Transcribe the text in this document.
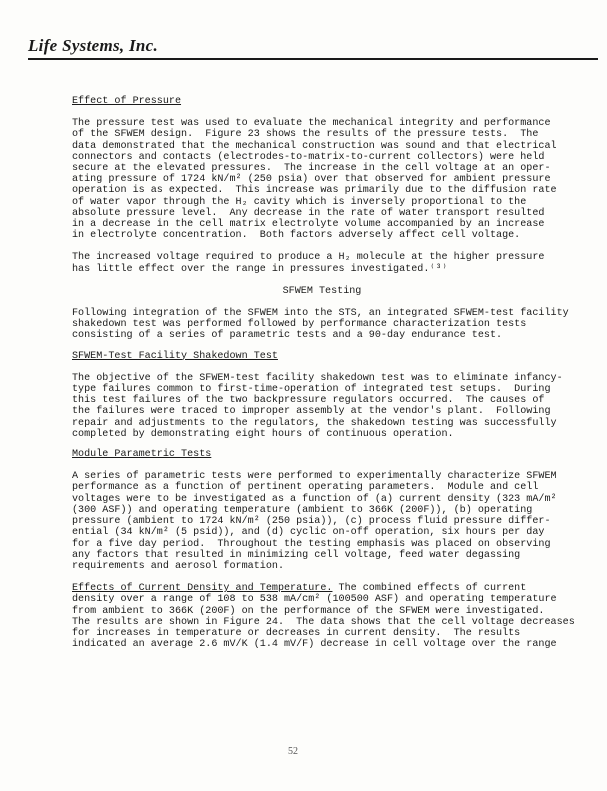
Life Systems, Inc.

Effect of Pressure

The pressure test was used to evaluate the mechanical integrity and performance
of the SFWEM design.  Figure 23 shows the results of the pressure tests.  The
data demonstrated that the mechanical construction was sound and that electrical
connectors and contacts (electrodes-to-matrix-to-current collectors) were held
secure at the elevated pressures.  The increase in the cell voltage at an oper-
ating pressure of 1724 kN/m² (250 psia) over that observed for ambient pressure
operation is as expected.  This increase was primarily due to the diffusion rate
of water vapor through the H₂ cavity which is inversely proportional to the
absolute pressure level.  Any decrease in the rate of water transport resulted
in a decrease in the cell matrix electrolyte volume accompanied by an increase
in electrolyte concentration.  Both factors adversely affect cell voltage.
The increased voltage required to produce a H₂ molecule at the higher pressure
has little effect over the range in pressures investigated.⁽³⁾

SFWEM Testing

Following integration of the SFWEM into the STS, an integrated SFWEM-test facility
shakedown test was performed followed by performance characterization tests
consisting of a series of parametric tests and a 90-day endurance test.

SFWEM-Test Facility Shakedown Test

The objective of the SFWEM-test facility shakedown test was to eliminate infancy-
type failures common to first-time-operation of integrated test setups.  During
this test failures of the two backpressure regulators occurred.  The causes of
the failures were traced to improper assembly at the vendor's plant.  Following
repair and adjustments to the regulators, the shakedown testing was successfully
completed by demonstrating eight hours of continuous operation.

Module Parametric Tests

A series of parametric tests were performed to experimentally characterize SFWEM
performance as a function of pertinent operating parameters.  Module and cell
voltages were to be investigated as a function of (a) current density (323 mA/m²
(300 ASF)) and operating temperature (ambient to 366K (200F)), (b) operating
pressure (ambient to 1724 kN/m² (250 psia)), (c) process fluid pressure differ-
ential (34 kN/m² (5 psid)), and (d) cyclic on-off operation, six hours per day
for a five day period.  Throughout the testing emphasis was placed on observing
any factors that resulted in minimizing cell voltage, feed water degassing
requirements and aerosol formation.

Effects of Current Density and Temperature. The combined effects of current

density over a range of 108 to 538 mA/cm² (100500 ASF) and operating temperature
from ambient to 366K (200F) on the performance of the SFWEM were investigated.
The results are shown in Figure 24.  The data shows that the cell voltage decreases
for increases in temperature or decreases in current density.  The results
indicated an average 2.6 mV/K (1.4 mV/F) decrease in cell voltage over the range
52
